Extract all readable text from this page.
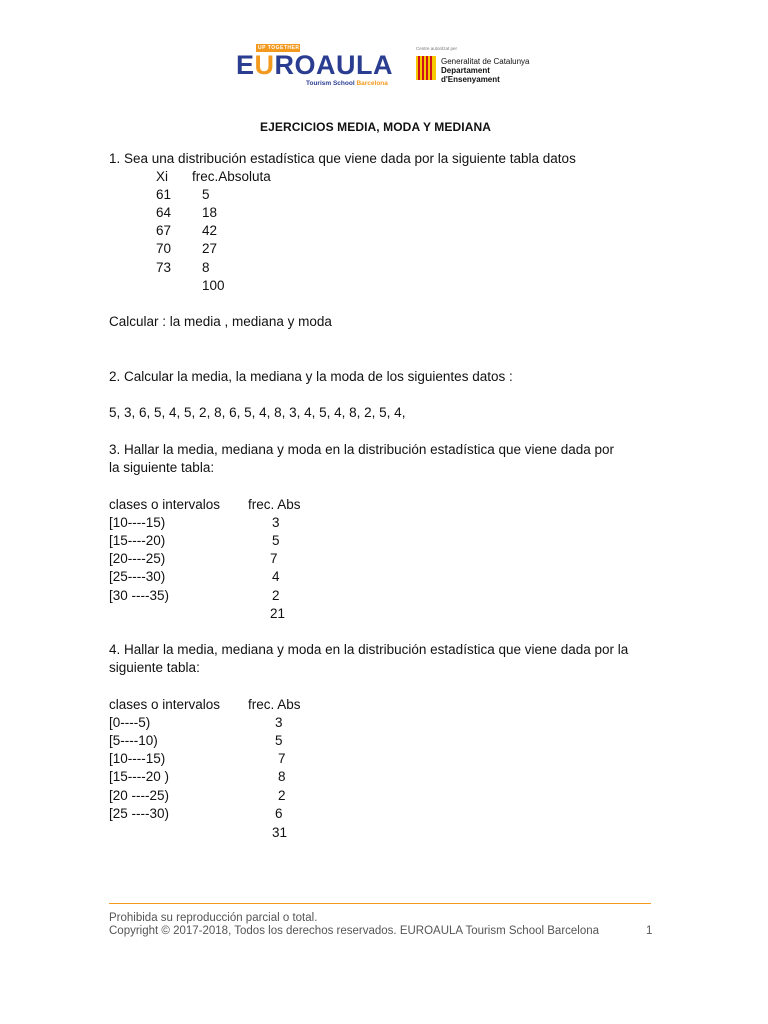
UP TOGETHER
EUROAULA
Tourism School Barcelona
Centre autoritzat per
Generalitat de Catalunya
Departament
d'Ensenyament
EJERCICIOS MEDIA, MODA Y MEDIANA
1. Sea una distribución estadística que viene dada por la siguiente tabla datos
Xi frec.Absoluta
61 5
64 18
67 42
70 27
73 8
100
Calcular : la media , mediana y moda
2. Calcular la media, la mediana y la moda de los siguientes datos :
5, 3, 6, 5, 4, 5, 2, 8, 6, 5, 4, 8, 3, 4, 5, 4, 8, 2, 5, 4,
3. Hallar la media, mediana y moda en la distribución estadística que viene dada por
la siguiente tabla:
clases o intervalos frec. Abs
[10----15)	3
[15----20)	5
[20----25)	7
[25----30)	4
[30 ----35)	2
21
4. Hallar la media, mediana y moda en la distribución estadística que viene dada por la
siguiente tabla:
clases o intervalos frec. Abs
[0----5)	3
[5----10)	5
[10----15)	7
[15----20 )	8
[20 ----25)	2
[25 ----30)	6
31
Prohibida su reproducción parcial o total.
Copyright © 2017-2018, Todos los derechos reservados. EUROAULA Tourism School Barcelona	1
